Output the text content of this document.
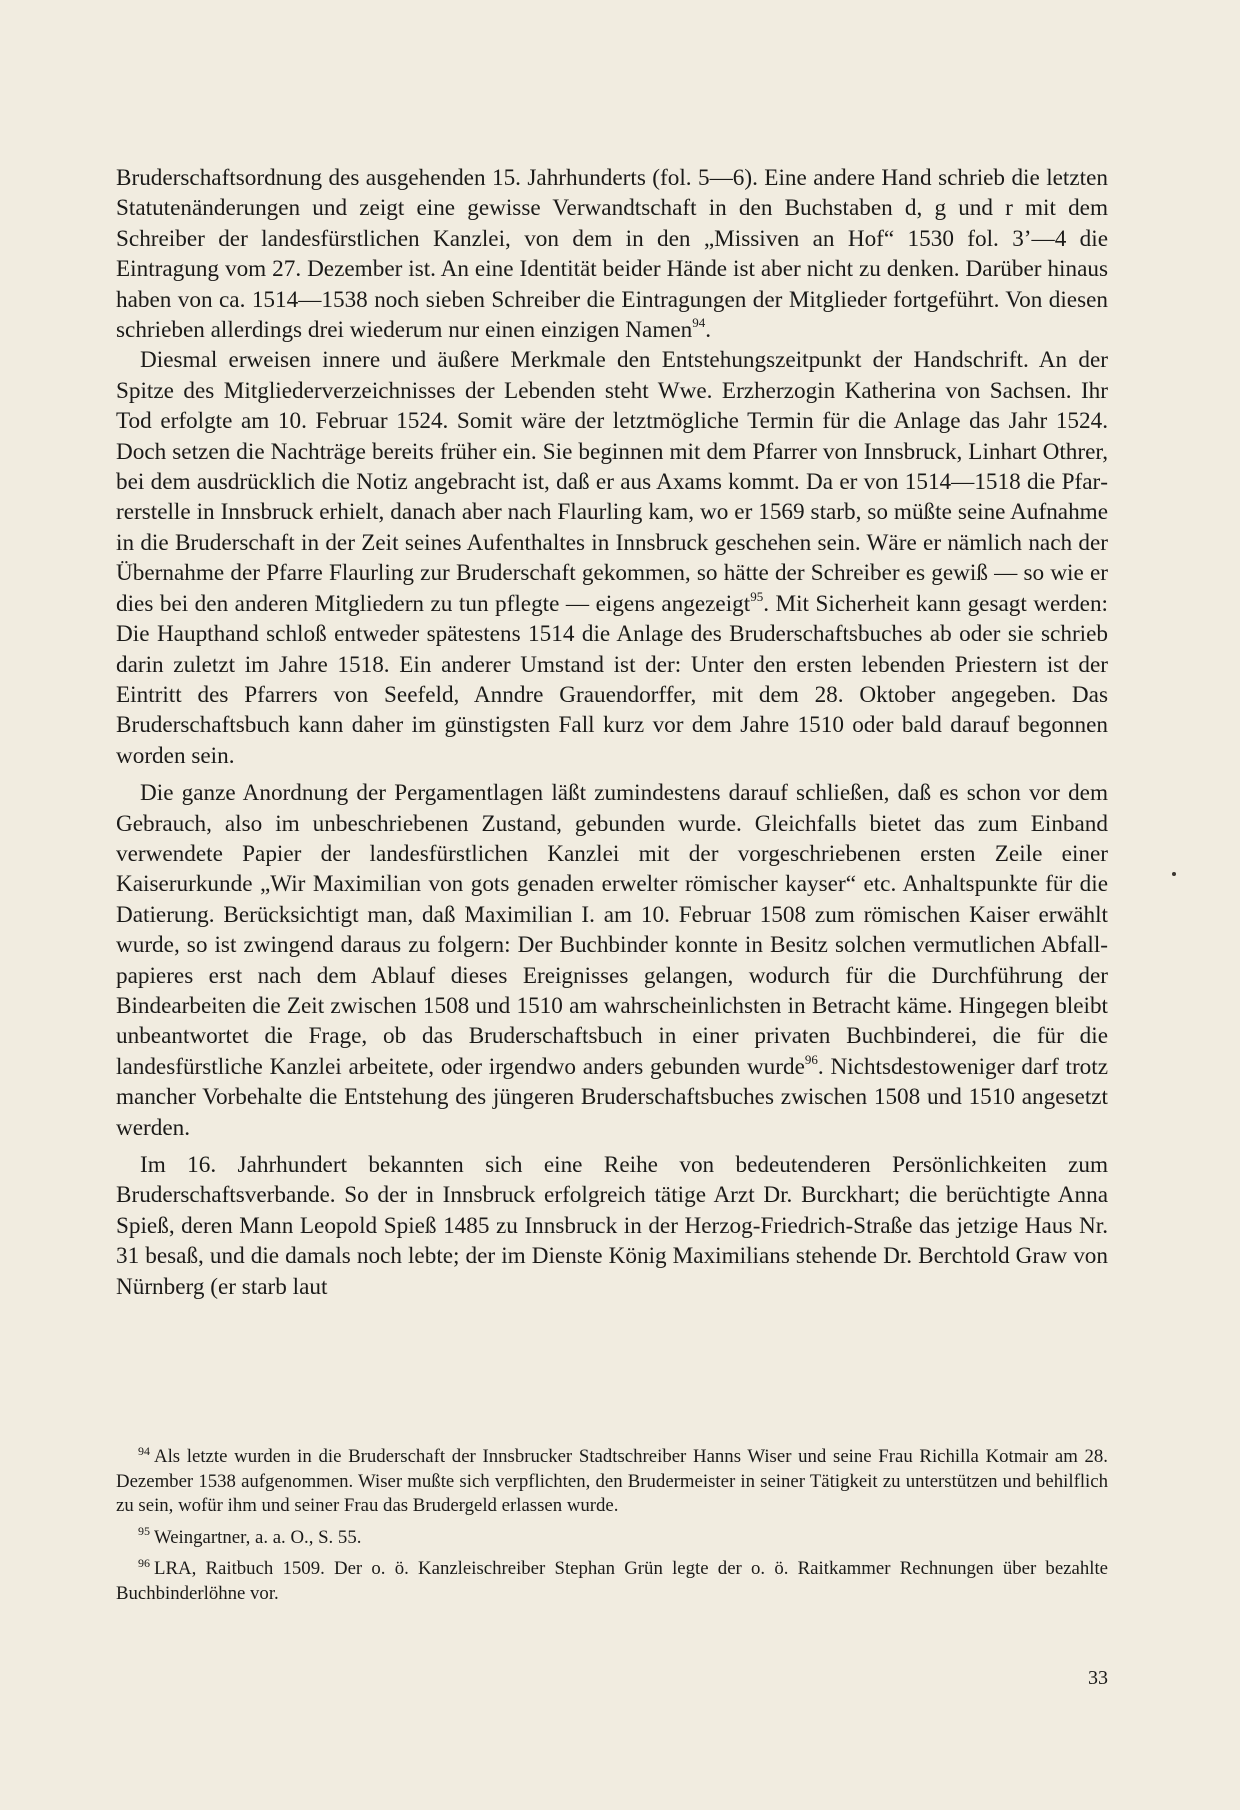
Bruderschaftsordnung des ausgehenden 15. Jahrhunderts (fol. 5—6). Eine andere Hand schrieb die letzten Statutenänderungen und zeigt eine gewisse Verwandtschaft in den Buchstaben d, g und r mit dem Schreiber der landesfürstlichen Kanzlei, von dem in den „Missiven an Hof“ 1530 fol. 3’—4 die Eintragung vom 27. Dezember ist. An eine Identität beider Hände ist aber nicht zu denken. Darüber hinaus haben von ca. 1514—1538 noch sieben Schreiber die Eintragungen der Mitglieder fortgeführt. Von diesen schrieben allerdings drei wiederum nur einen einzigen Namen$^{94}$.

Diesmal erweisen innere und äußere Merkmale den Entstehungszeitpunkt der Handschrift. An der Spitze des Mitgliederverzeichnisses der Lebenden steht Wwe. Erzherzogin Katherina von Sachsen. Ihr Tod erfolgte am 10. Februar 1524. Somit wäre der letztmögliche Termin für die Anlage das Jahr 1524. Doch setzen die Nachträge bereits früher ein. Sie beginnen mit dem Pfarrer von Innsbruck, Linhart Othrer, bei dem ausdrücklich die Notiz angebracht ist, daß er aus Axams kommt. Da er von 1514—1518 die Pfarrerstelle in Innsbruck erhielt, danach aber nach Flaurling kam, wo er 1569 starb, so müßte seine Aufnahme in die Bruderschaft in der Zeit seines Aufenthaltes in Innsbruck geschehen sein. Wäre er nämlich nach der Übernahme der Pfarre Flaurling zur Bruderschaft gekommen, so hätte der Schreiber es gewiß — so wie er dies bei den anderen Mitgliedern zu tun pflegte — eigens angezeigt$^{95}$. Mit Sicherheit kann gesagt werden: Die Haupthand schloß entweder spätestens 1514 die Anlage des Bruderschaftsbuches ab oder sie schrieb darin zuletzt im Jahre 1518. Ein anderer Umstand ist der: Unter den ersten lebenden Priestern ist der Eintritt des Pfarrers von Seefeld, Anndre Grauendorffer, mit dem 28. Oktober angegeben. Das Bruderschaftsbuch kann daher im günstigsten Fall kurz vor dem Jahre 1510 oder bald darauf begonnen worden sein.

Die ganze Anordnung der Pergamentlagen läßt zumindestens darauf schließen, daß es schon vor dem Gebrauch, also im unbeschriebenen Zustand, gebunden wurde. Gleichfalls bietet das zum Einband verwendete Papier der landesfürstlichen Kanzlei mit der vorgeschriebenen ersten Zeile einer Kaiserurkunde „Wir Maximilian von gots genaden erwelter römischer kayser“ etc. Anhaltspunkte für die Datierung. Berücksichtigt man, daß Maximilian I. am 10. Februar 1508 zum römischen Kaiser erwählt wurde, so ist zwingend daraus zu folgern: Der Buchbinder konnte in Besitz solchen vermutlichen Abfallpapieres erst nach dem Ablauf dieses Ereignisses gelangen, wodurch für die Durchführung der Bindearbeiten die Zeit zwischen 1508 und 1510 am wahrscheinlichsten in Betracht käme. Hingegen bleibt unbeantwortet die Frage, ob das Bruderschaftsbuch in einer privaten Buchbinderei, die für die landesfürstliche Kanzlei arbeitete, oder irgendwo anders gebunden wurde$^{96}$. Nichtsdestoweniger darf trotz mancher Vorbehalte die Entstehung des jüngeren Bruderschaftsbuches zwischen 1508 und 1510 angesetzt werden.

Im 16. Jahrhundert bekannten sich eine Reihe von bedeutenderen Persönlichkeiten zum Bruderschaftsverbande. So der in Innsbruck erfolgreich tätige Arzt Dr. Burckhart; die berüchtigte Anna Spieß, deren Mann Leopold Spieß 1485 zu Innsbruck in der Herzog-Friedrich-Straße das jetzige Haus Nr. 31 besaß, und die damals noch lebte; der im Dienste König Maximilians stehende Dr. Berchtold Graw von Nürnberg (er starb laut

$^{94}$ Als letzte wurden in die Bruderschaft der Innsbrucker Stadtschreiber Hanns Wiser und seine Frau Richilla Kotmair am 28. Dezember 1538 aufgenommen. Wiser mußte sich verpflichten, den Brudermeister in seiner Tätigkeit zu unterstützen und behilflich zu sein, wofür ihm und seiner Frau das Brudergeld erlassen wurde.

$^{95}$ Weingartner, a. a. O., S. 55.

$^{96}$ LRA, Raitbuch 1509. Der o. ö. Kanzleischreiber Stephan Grün legte der o. ö. Raitkammer Rechnungen über bezahlte Buchbinderlöhne vor.

33
